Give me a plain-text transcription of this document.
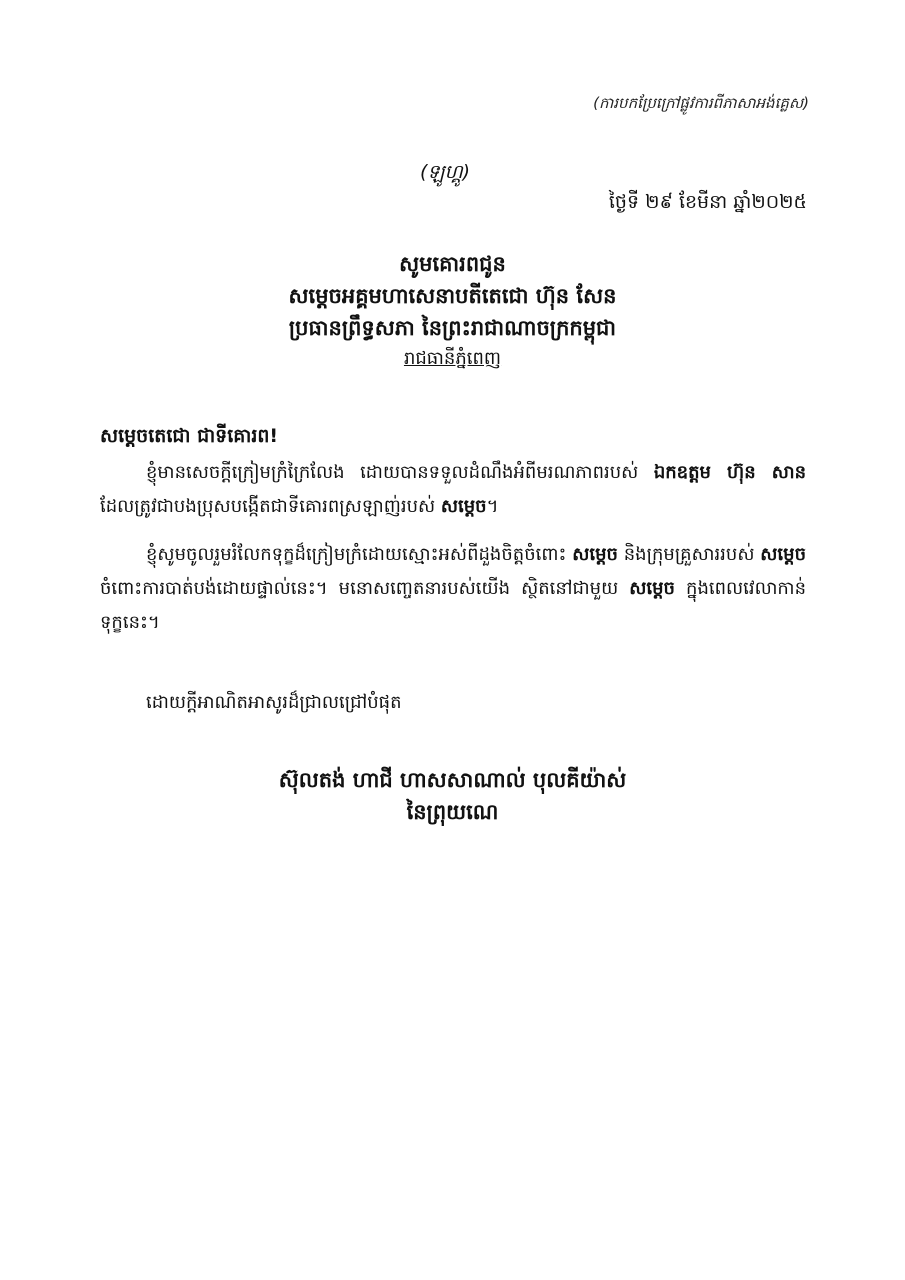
(ការបកប្រែក្រៅផ្លូវការពីភាសាអង់គ្លេស)
(ឡូហ្គូ)
ថ្ងៃទី ២៩ ខែមីនា ឆ្នាំ២០២៥
សូមគោរពជូន
សម្តេចអគ្គមហាសេនាបតីតេជោ ហ៊ុន សែន
ប្រធានព្រឹទ្ធសភា នៃព្រះរាជាណាចក្រកម្ពុជា
រាជធានីភ្នំពេញ
សម្តេចតេជោ ជាទីគោរព!

ខ្ញុំមានសេចក្តីក្រៀមក្រំក្រៃលែង ដោយបានទទួលដំណឹងអំពីមរណភាពរបស់ ឯកឧត្តម ហ៊ុន សាន ដែលត្រូវជាបងប្រុសបង្កើតជាទីគោរពស្រឡាញ់របស់ សម្តេច។

ខ្ញុំសូមចូលរួមរំលែកទុក្ខដ៏ក្រៀមក្រំដោយស្មោះអស់ពីដួងចិត្តចំពោះ សម្តេច និងក្រុមគ្រួសាររបស់ សម្តេច ចំពោះការបាត់បង់ដោយផ្ទាល់នេះ។ មនោសញ្ចេតនារបស់យើង ស្ថិតនៅជាមួយ សម្តេច ក្នុងពេលវេលាកាន់ទុក្ខនេះ។

ដោយក្តីអាណិតអាសូរដ៏ជ្រាលជ្រៅបំផុត
ស៊ុលតង់ ហាជី ហាសសាណាល់ បុលគីយ៉ាស់
នៃព្រុយណេ
